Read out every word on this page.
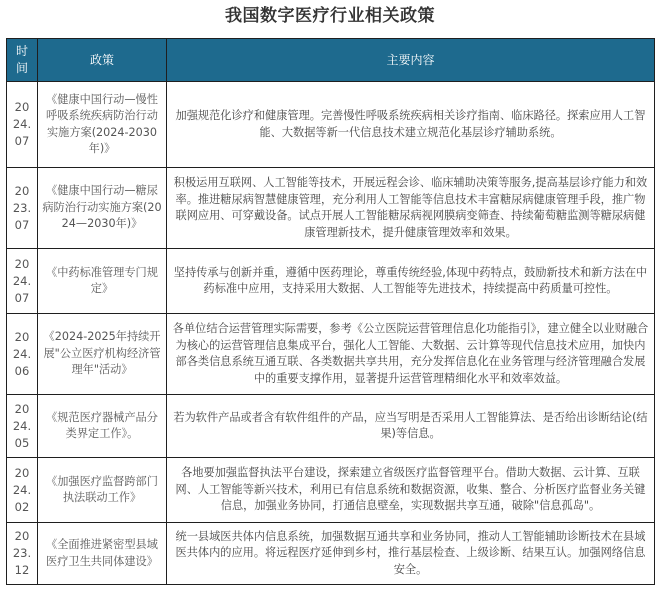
我国数字医疗行业相关政策
时间	政策	主要内容

20
24.
07	《健康中国行动—慢性呼吸系统疾病防治行动实施方案(2024-2030年)》	加强规范化诊疗和健康管理。完善慢性呼吸系统疾病相关诊疗指南、临床路径。探索应用人工智能、大数据等新一代信息技术建立规范化基层诊疗辅助系统。

20
23.
07	《健康中国行动—糖尿病防治行动实施方案(2024—2030年)》	积极运用互联网、人工智能等技术，开展远程会诊、临床辅助决策等服务,提高基层诊疗能力和效率。推进糖尿病智慧健康管理，充分利用人工智能等信息技术丰富糖尿病健康管理手段，推广物联网应用、可穿戴设备。试点开展人工智能糖尿病视网膜病变筛查、持续葡萄糖监测等糖尿病健康管理新技术，提升健康管理效率和效果。

20
24.
07	《中药标准管理专门规定》	坚持传承与创新并重，遵循中医药理论，尊重传统经验,体现中药特点，鼓励新技术和新方法在中药标准中应用，支持采用大数据、人工智能等先进技术，持续提高中药质量可控性。

20
24.
06	《2024-2025年持续开展"公立医疗机构经济管理年"活动》	各单位结合运营管理实际需要，参考《公立医院运营管理信息化功能指引》，建立健全以业财融合为核心的运营管理信息集成平台，强化人工智能、大数据、云计算等现代信息技术应用，加快内部各类信息系统互通互联、各类数据共享共用，充分发挥信息化在业务管理与经济管理融合发展中的重要支撑作用，显著提升运营管理精细化水平和效率效益。

20
24.
05	《规范医疗器械产品分类界定工作》。	若为软件产品或者含有软件组件的产品，应当写明是否采用人工智能算法、是否给出诊断结论(结果)等信息。

20
24.
02	《加强医疗监督跨部门执法联动工作》	各地要加强监督执法平台建设，探索建立省级医疗监督管理平台。借助大数据、云计算、互联网、人工智能等新兴技术，利用已有信息系统和数据资源，收集、整合、分析医疗监督业务关键信息，加强业务协同，打通信息壁垒，实现数据共享互通，破除"信息孤岛"。

20
23.
12	《全面推进紧密型县域医疗卫生共同体建设》	统一县域医共体内信息系统，加强数据互通共享和业务协同，推动人工智能辅助诊断技术在县域医共体内的应用。将远程医疗延伸到乡村，推行基层检查、上级诊断、结果互认。加强网络信息安全。
